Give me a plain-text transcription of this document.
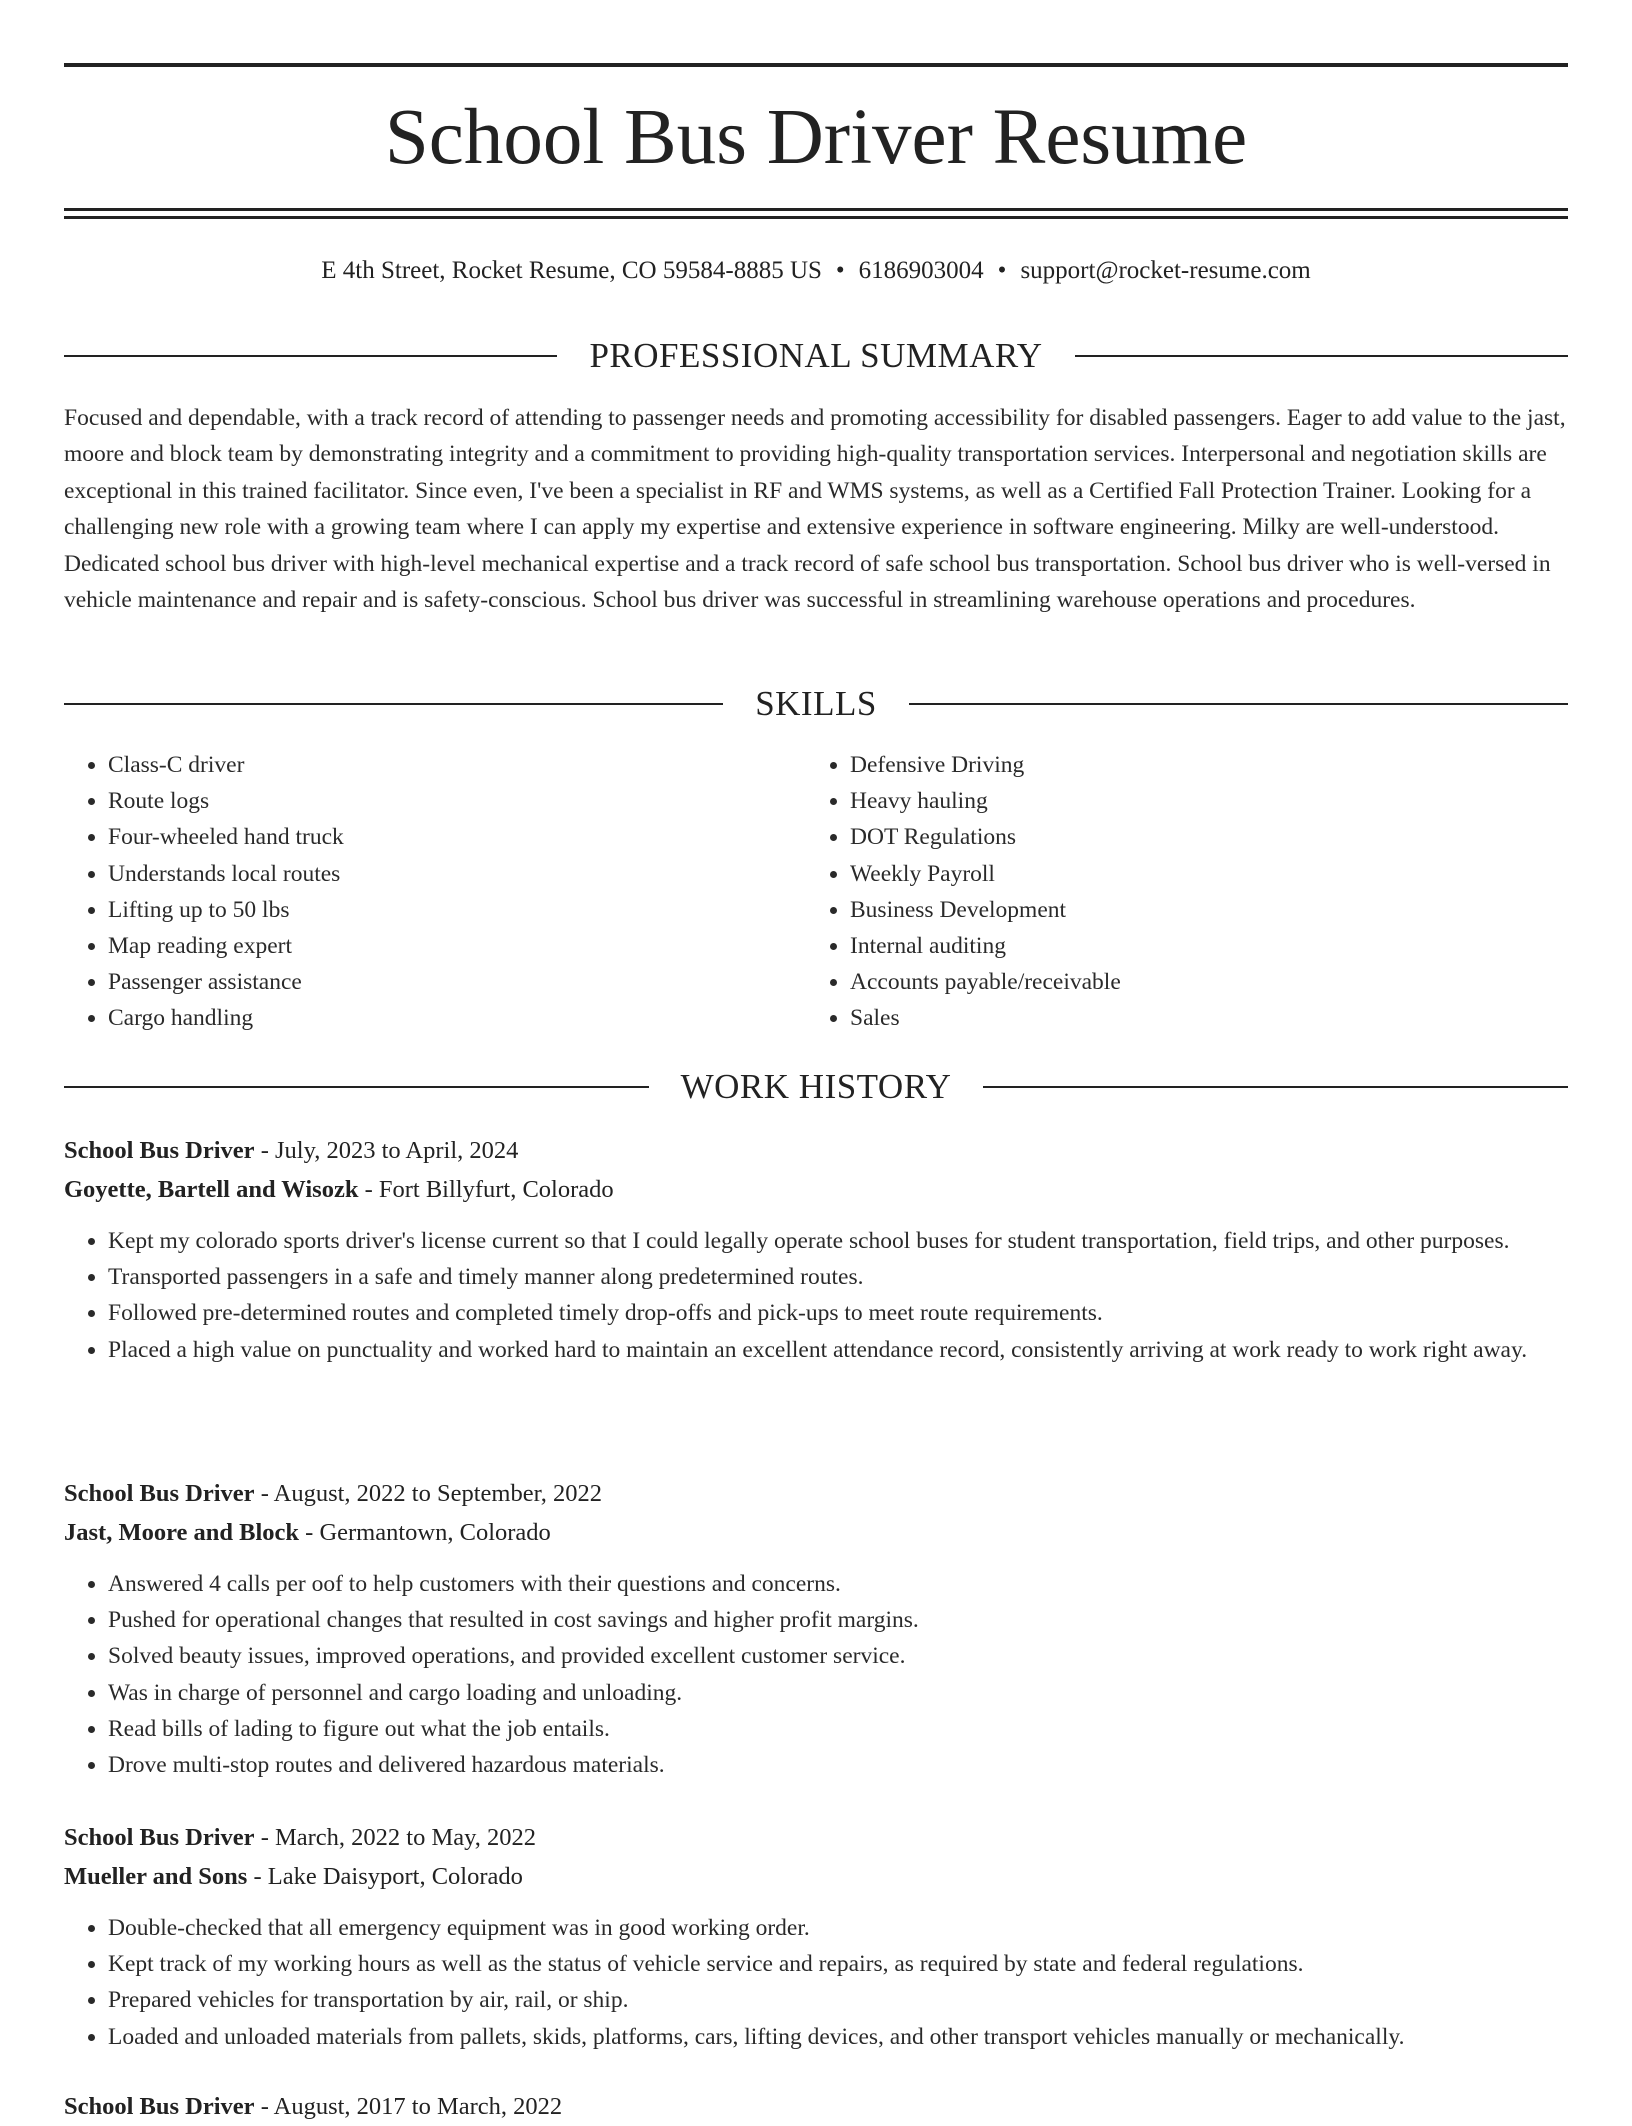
School Bus Driver Resume
E 4th Street, Rocket Resume, CO 59584-8885 US • 6186903004 • support@rocket-resume.com
PROFESSIONAL SUMMARY

Focused and dependable, with a track record of attending to passenger needs and promoting accessibility for disabled passengers. Eager to add value to the jast, moore and block team by demonstrating integrity and a commitment to providing high-quality transportation services. Interpersonal and negotiation skills are exceptional in this trained facilitator. Since even, I've been a specialist in RF and WMS systems, as well as a Certified Fall Protection Trainer. Looking for a challenging new role with a growing team where I can apply my expertise and extensive experience in software engineering. Milky are well-understood. Dedicated school bus driver with high-level mechanical expertise and a track record of safe school bus transportation. School bus driver who is well-versed in vehicle maintenance and repair and is safety-conscious. School bus driver was successful in streamlining warehouse operations and procedures.

SKILLS
• Class-C driver
• Route logs
• Four-wheeled hand truck
• Understands local routes
• Lifting up to 50 lbs
• Map reading expert
• Passenger assistance
• Cargo handling
• Defensive Driving
• Heavy hauling
• DOT Regulations
• Weekly Payroll
• Business Development
• Internal auditing
• Accounts payable/receivable
• Sales
WORK HISTORY
School Bus Driver - July, 2023 to April, 2024
Goyette, Bartell and Wisozk - Fort Billyfurt, Colorado
• Kept my colorado sports driver's license current so that I could legally operate school buses for student transportation, field trips, and other purposes.
• Transported passengers in a safe and timely manner along predetermined routes.
• Followed pre-determined routes and completed timely drop-offs and pick-ups to meet route requirements.
• Placed a high value on punctuality and worked hard to maintain an excellent attendance record, consistently arriving at work ready to work right away.
School Bus Driver - August, 2022 to September, 2022
Jast, Moore and Block - Germantown, Colorado
• Answered 4 calls per oof to help customers with their questions and concerns.
• Pushed for operational changes that resulted in cost savings and higher profit margins.
• Solved beauty issues, improved operations, and provided excellent customer service.
• Was in charge of personnel and cargo loading and unloading.
• Read bills of lading to figure out what the job entails.
• Drove multi-stop routes and delivered hazardous materials.
School Bus Driver - March, 2022 to May, 2022
Mueller and Sons - Lake Daisyport, Colorado
• Double-checked that all emergency equipment was in good working order.
• Kept track of my working hours as well as the status of vehicle service and repairs, as required by state and federal regulations.
• Prepared vehicles for transportation by air, rail, or ship.
• Loaded and unloaded materials from pallets, skids, platforms, cars, lifting devices, and other transport vehicles manually or mechanically.
School Bus Driver - August, 2017 to March, 2022
